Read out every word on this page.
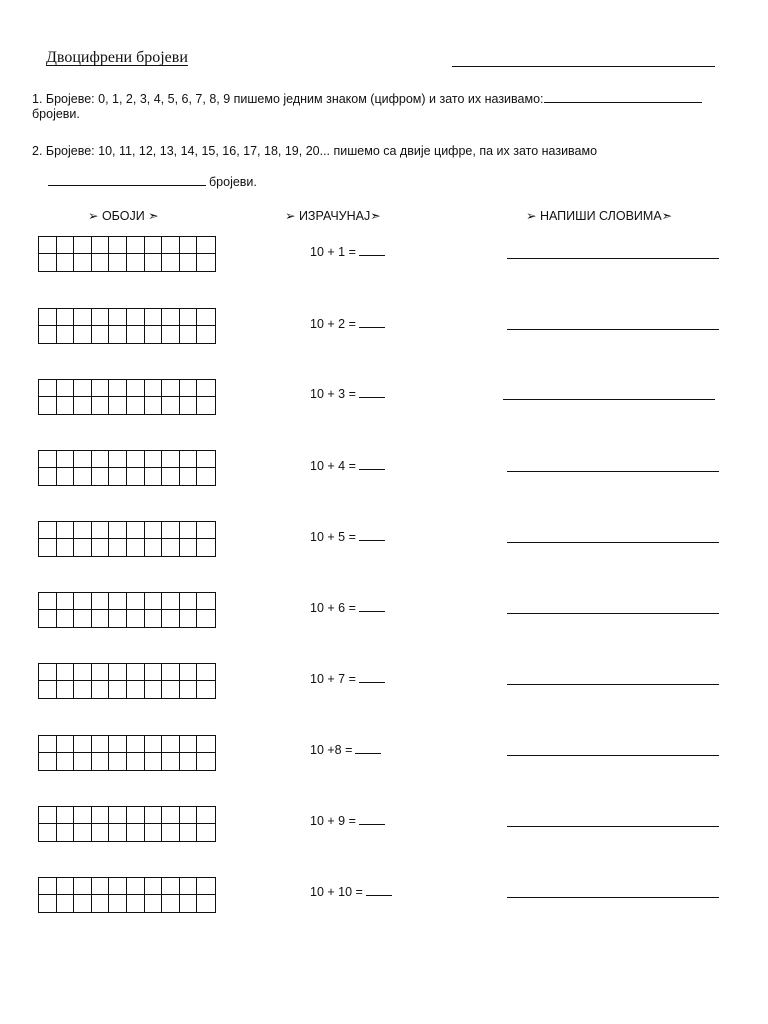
Двоцифрени бројеви
1. Бројеве: 0, 1, 2, 3, 4, 5, 6, 7, 8, 9 пишемо једним знаком (цифром) и зато их називамо:
бројеви.
2. Бројеве: 10, 11, 12, 13, 14, 15, 16, 17, 18, 19, 20... пишемо са двије цифре, па их зато називамо
бројеви.
➢ ОБОЈИ ➣	➢ ИЗРАЧУНАЈ➣	➢ НАПИШИ СЛОВИМА➣
10 + 1 =
10 + 2 =
10 + 3 =
10 + 4 =
10 + 5 =
10 + 6 =
10 + 7 =
10 +8 =
10 + 9 =
10 + 10 =
